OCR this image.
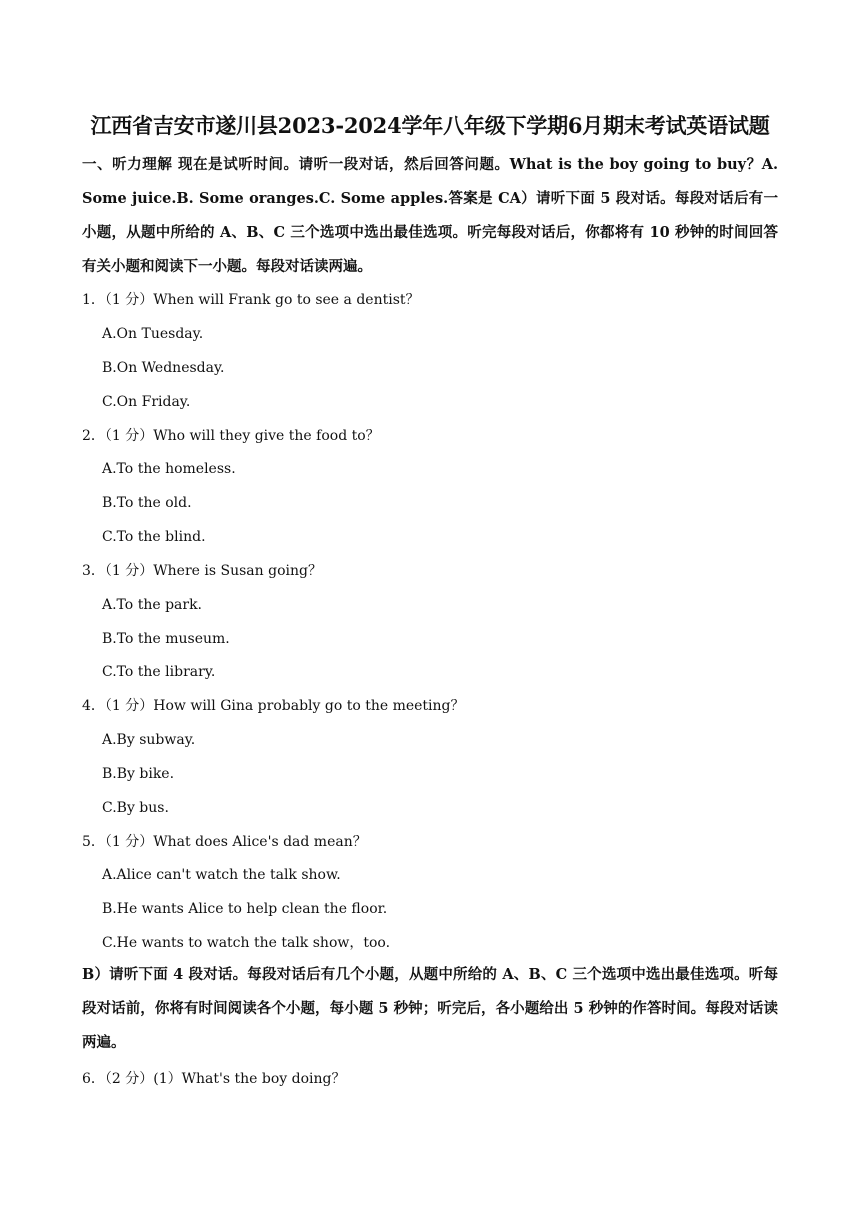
江西省吉安市遂川县2023-2024学年八年级下学期6月期末考试英语试题
一、听力理解 现在是试听时间。请听一段对话，然后回答问题。What is the boy going to buy？A. Some juice.B. Some oranges.C. Some apples.答案是 CA）请听下面 5 段对话。每段对话后有一小题，从题中所给的 A、B、C 三个选项中选出最佳选项。听完每段对话后，你都将有 10 秒钟的时间回答有关小题和阅读下一小题。每段对话读两遍。
1．（1 分）When will Frank go to see a dentist？
A.On Tuesday.
B.On Wednesday.
C.On Friday.
2．（1 分）Who will they give the food to？
A.To the homeless.
B.To the old.
C.To the blind.
3．（1 分）Where is Susan going？
A.To the park.
B.To the museum.
C.To the library.
4．（1 分）How will Gina probably go to the meeting？
A.By subway.
B.By bike.
C.By bus.
5．（1 分）What does Alice's dad mean？
A.Alice can't watch the talk show.
B.He wants Alice to help clean the floor.
C.He wants to watch the talk show，too.
B）请听下面 4 段对话。每段对话后有几个小题，从题中所给的 A、B、C 三个选项中选出最佳选项。听每段对话前，你将有时间阅读各个小题，每小题 5 秒钟；听完后，各小题给出 5 秒钟的作答时间。每段对话读两遍。
6．（2 分）(1）What's the boy doing？
